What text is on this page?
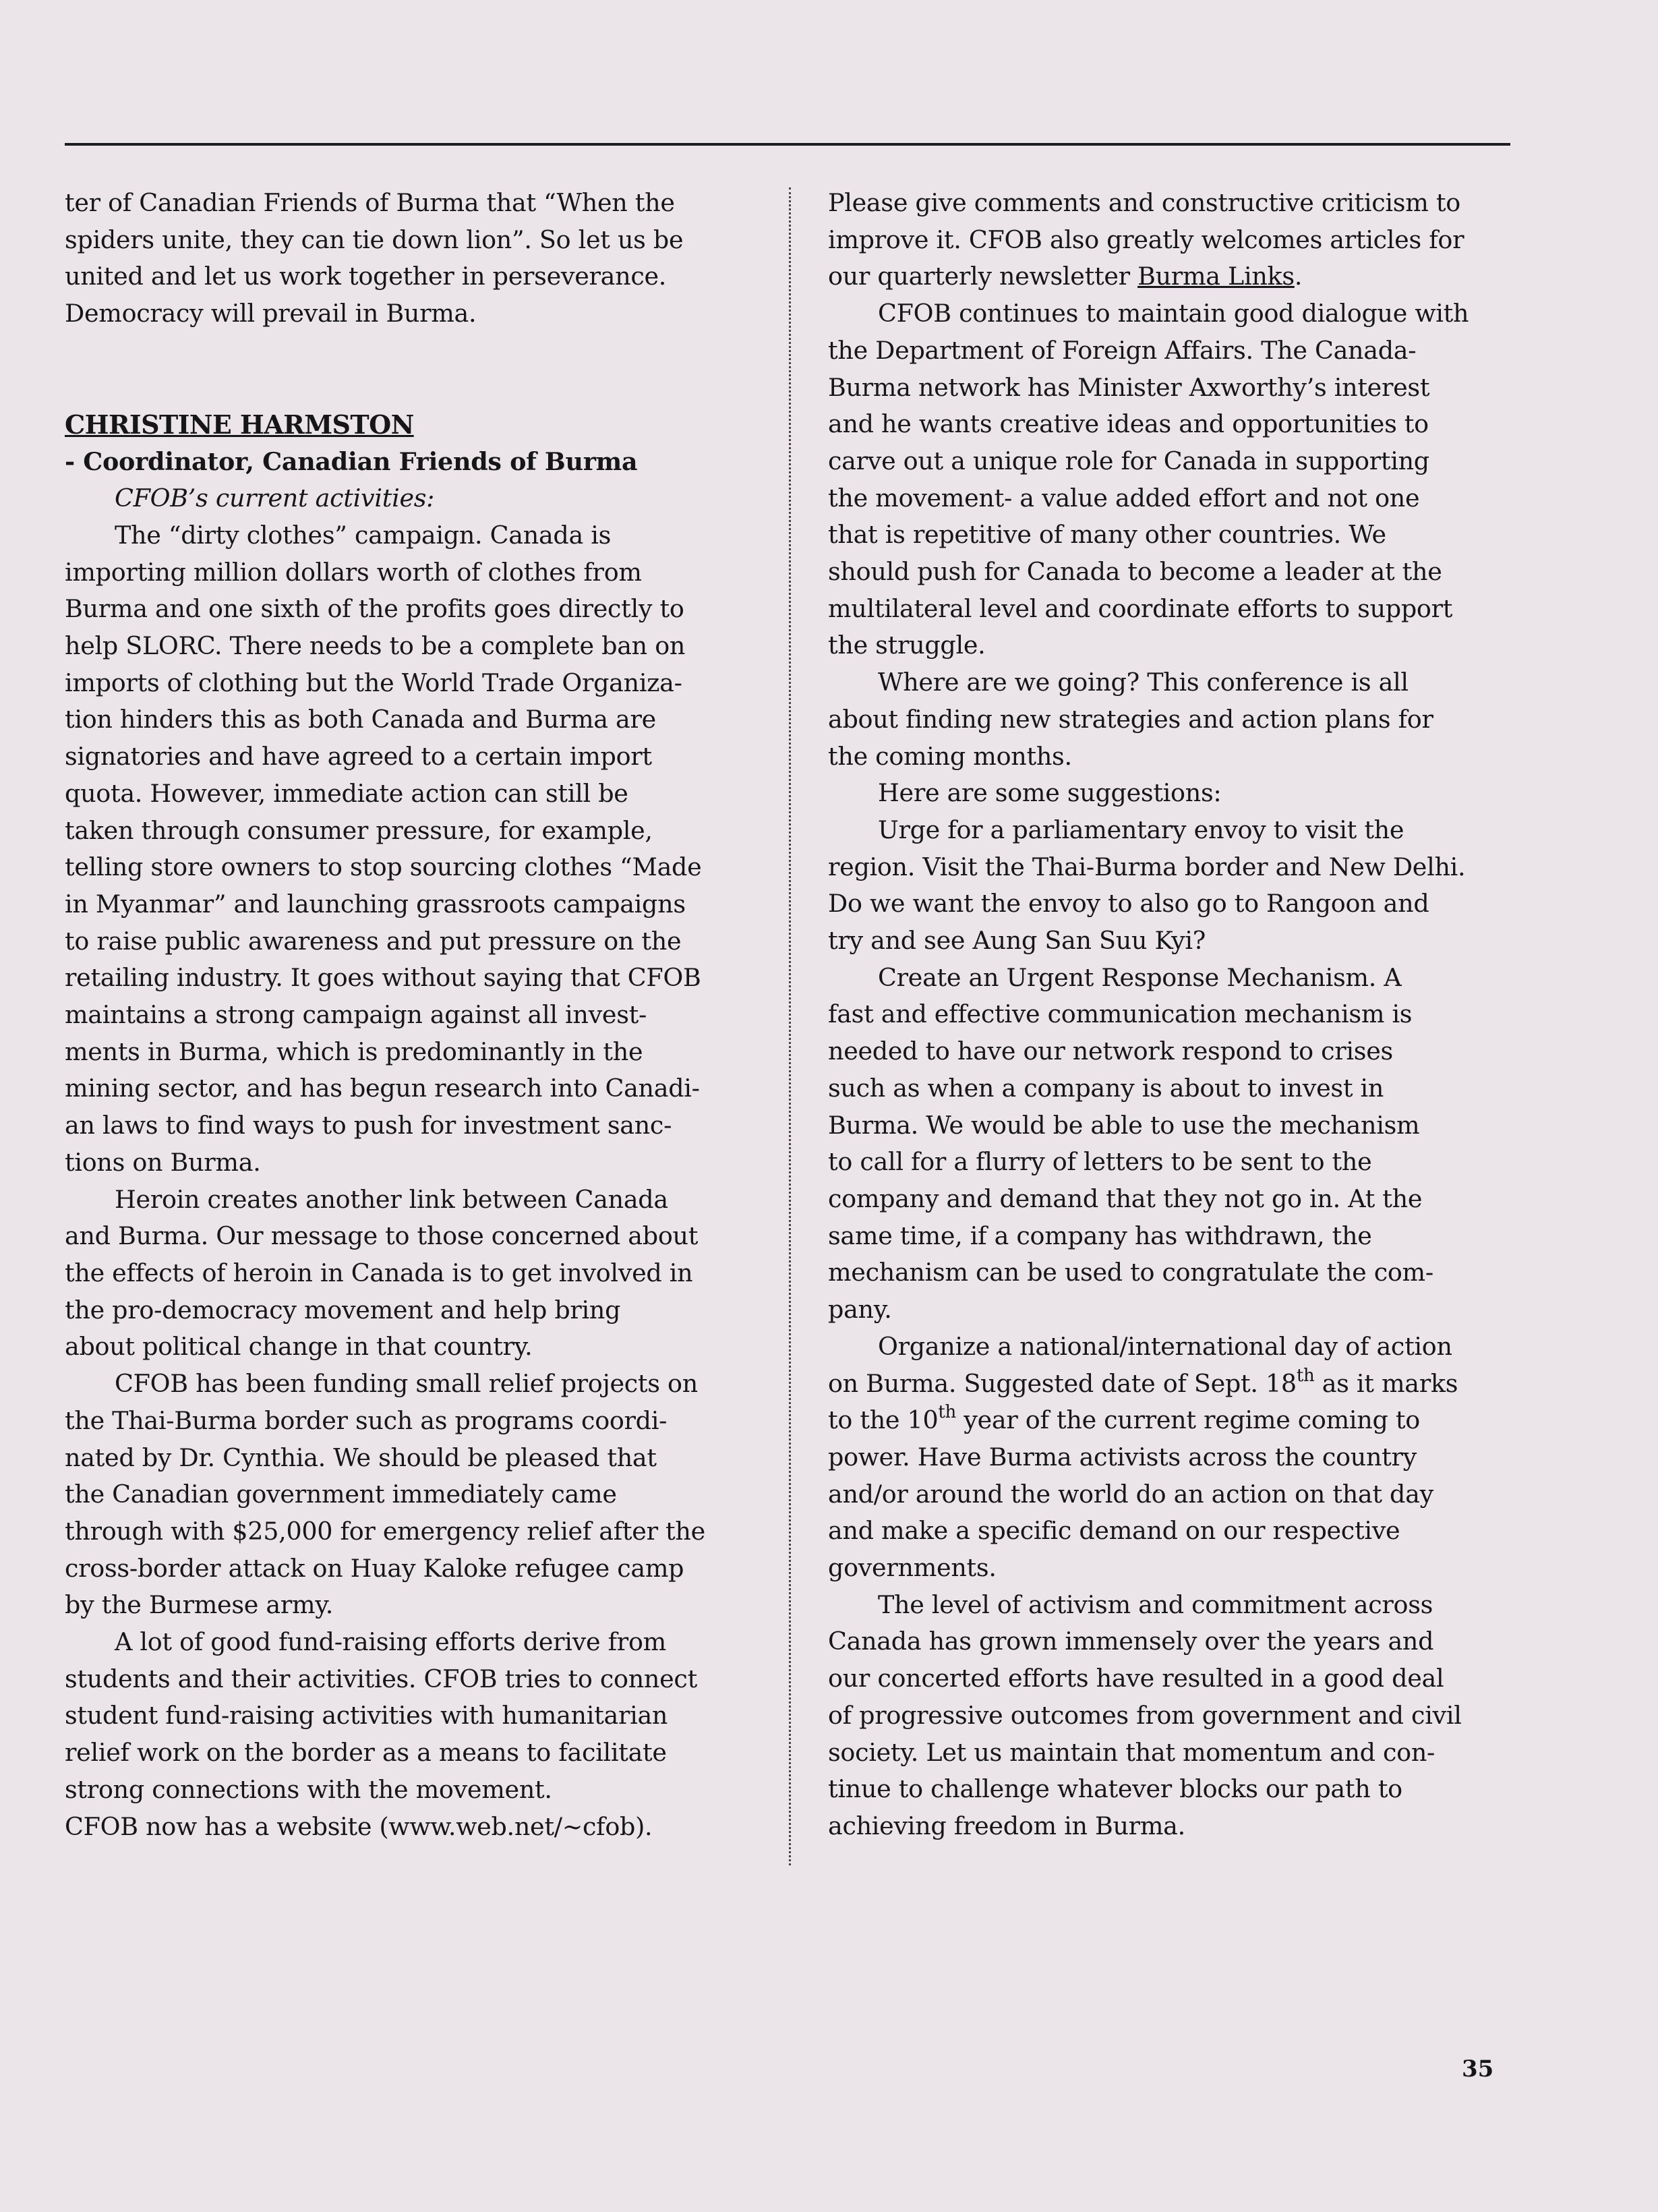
ter of Canadian Friends of Burma that “When the
spiders unite, they can tie down lion”. So let us be
united and let us work together in perseverance.
Democracy will prevail in Burma.

CHRISTINE HARMSTON

- Coordinator, Canadian Friends of Burma

CFOB’s current activities:

The “dirty clothes” campaign. Canada is
importing million dollars worth of clothes from
Burma and one sixth of the profits goes directly to
help SLORC. There needs to be a complete ban on
imports of clothing but the World Trade Organiza-
tion hinders this as both Canada and Burma are
signatories and have agreed to a certain import
quota. However, immediate action can still be
taken through consumer pressure, for example,
telling store owners to stop sourcing clothes “Made
in Myanmar” and launching grassroots campaigns
to raise public awareness and put pressure on the
retailing industry. It goes without saying that CFOB
maintains a strong campaign against all invest-
ments in Burma, which is predominantly in the
mining sector, and has begun research into Canadi-
an laws to find ways to push for investment sanc-
tions on Burma.

Heroin creates another link between Canada
and Burma. Our message to those concerned about
the effects of heroin in Canada is to get involved in
the pro-democracy movement and help bring
about political change in that country.

CFOB has been funding small relief projects on
the Thai-Burma border such as programs coordi-
nated by Dr. Cynthia. We should be pleased that
the Canadian government immediately came
through with $25,000 for emergency relief after the
cross-border attack on Huay Kaloke refugee camp
by the Burmese army.

A lot of good fund-raising efforts derive from
students and their activities. CFOB tries to connect
student fund-raising activities with humanitarian
relief work on the border as a means to facilitate
strong connections with the movement.

CFOB now has a website (www.web.net/~cfob).

Please give comments and constructive criticism to
improve it. CFOB also greatly welcomes articles for
our quarterly newsletter Burma Links.

CFOB continues to maintain good dialogue with
the Department of Foreign Affairs. The Canada-
Burma network has Minister Axworthy’s interest
and he wants creative ideas and opportunities to
carve out a unique role for Canada in supporting
the movement- a value added effort and not one
that is repetitive of many other countries. We
should push for Canada to become a leader at the
multilateral level and coordinate efforts to support
the struggle.

Where are we going? This conference is all
about finding new strategies and action plans for
the coming months.

Here are some suggestions:

Urge for a parliamentary envoy to visit the
region. Visit the Thai-Burma border and New Delhi.
Do we want the envoy to also go to Rangoon and
try and see Aung San Suu Kyi?

Create an Urgent Response Mechanism. A
fast and effective communication mechanism is
needed to have our network respond to crises
such as when a company is about to invest in
Burma. We would be able to use the mechanism
to call for a flurry of letters to be sent to the
company and demand that they not go in. At the
same time, if a company has withdrawn, the
mechanism can be used to congratulate the com-
pany.

Organize a national/international day of action
on Burma. Suggested date of Sept. 18th as it marks
to the 10th year of the current regime coming to
power. Have Burma activists across the country
and/or around the world do an action on that day
and make a specific demand on our respective
governments.

The level of activism and commitment across
Canada has grown immensely over the years and
our concerted efforts have resulted in a good deal
of progressive outcomes from government and civil
society. Let us maintain that momentum and con-
tinue to challenge whatever blocks our path to
achieving freedom in Burma.

35
